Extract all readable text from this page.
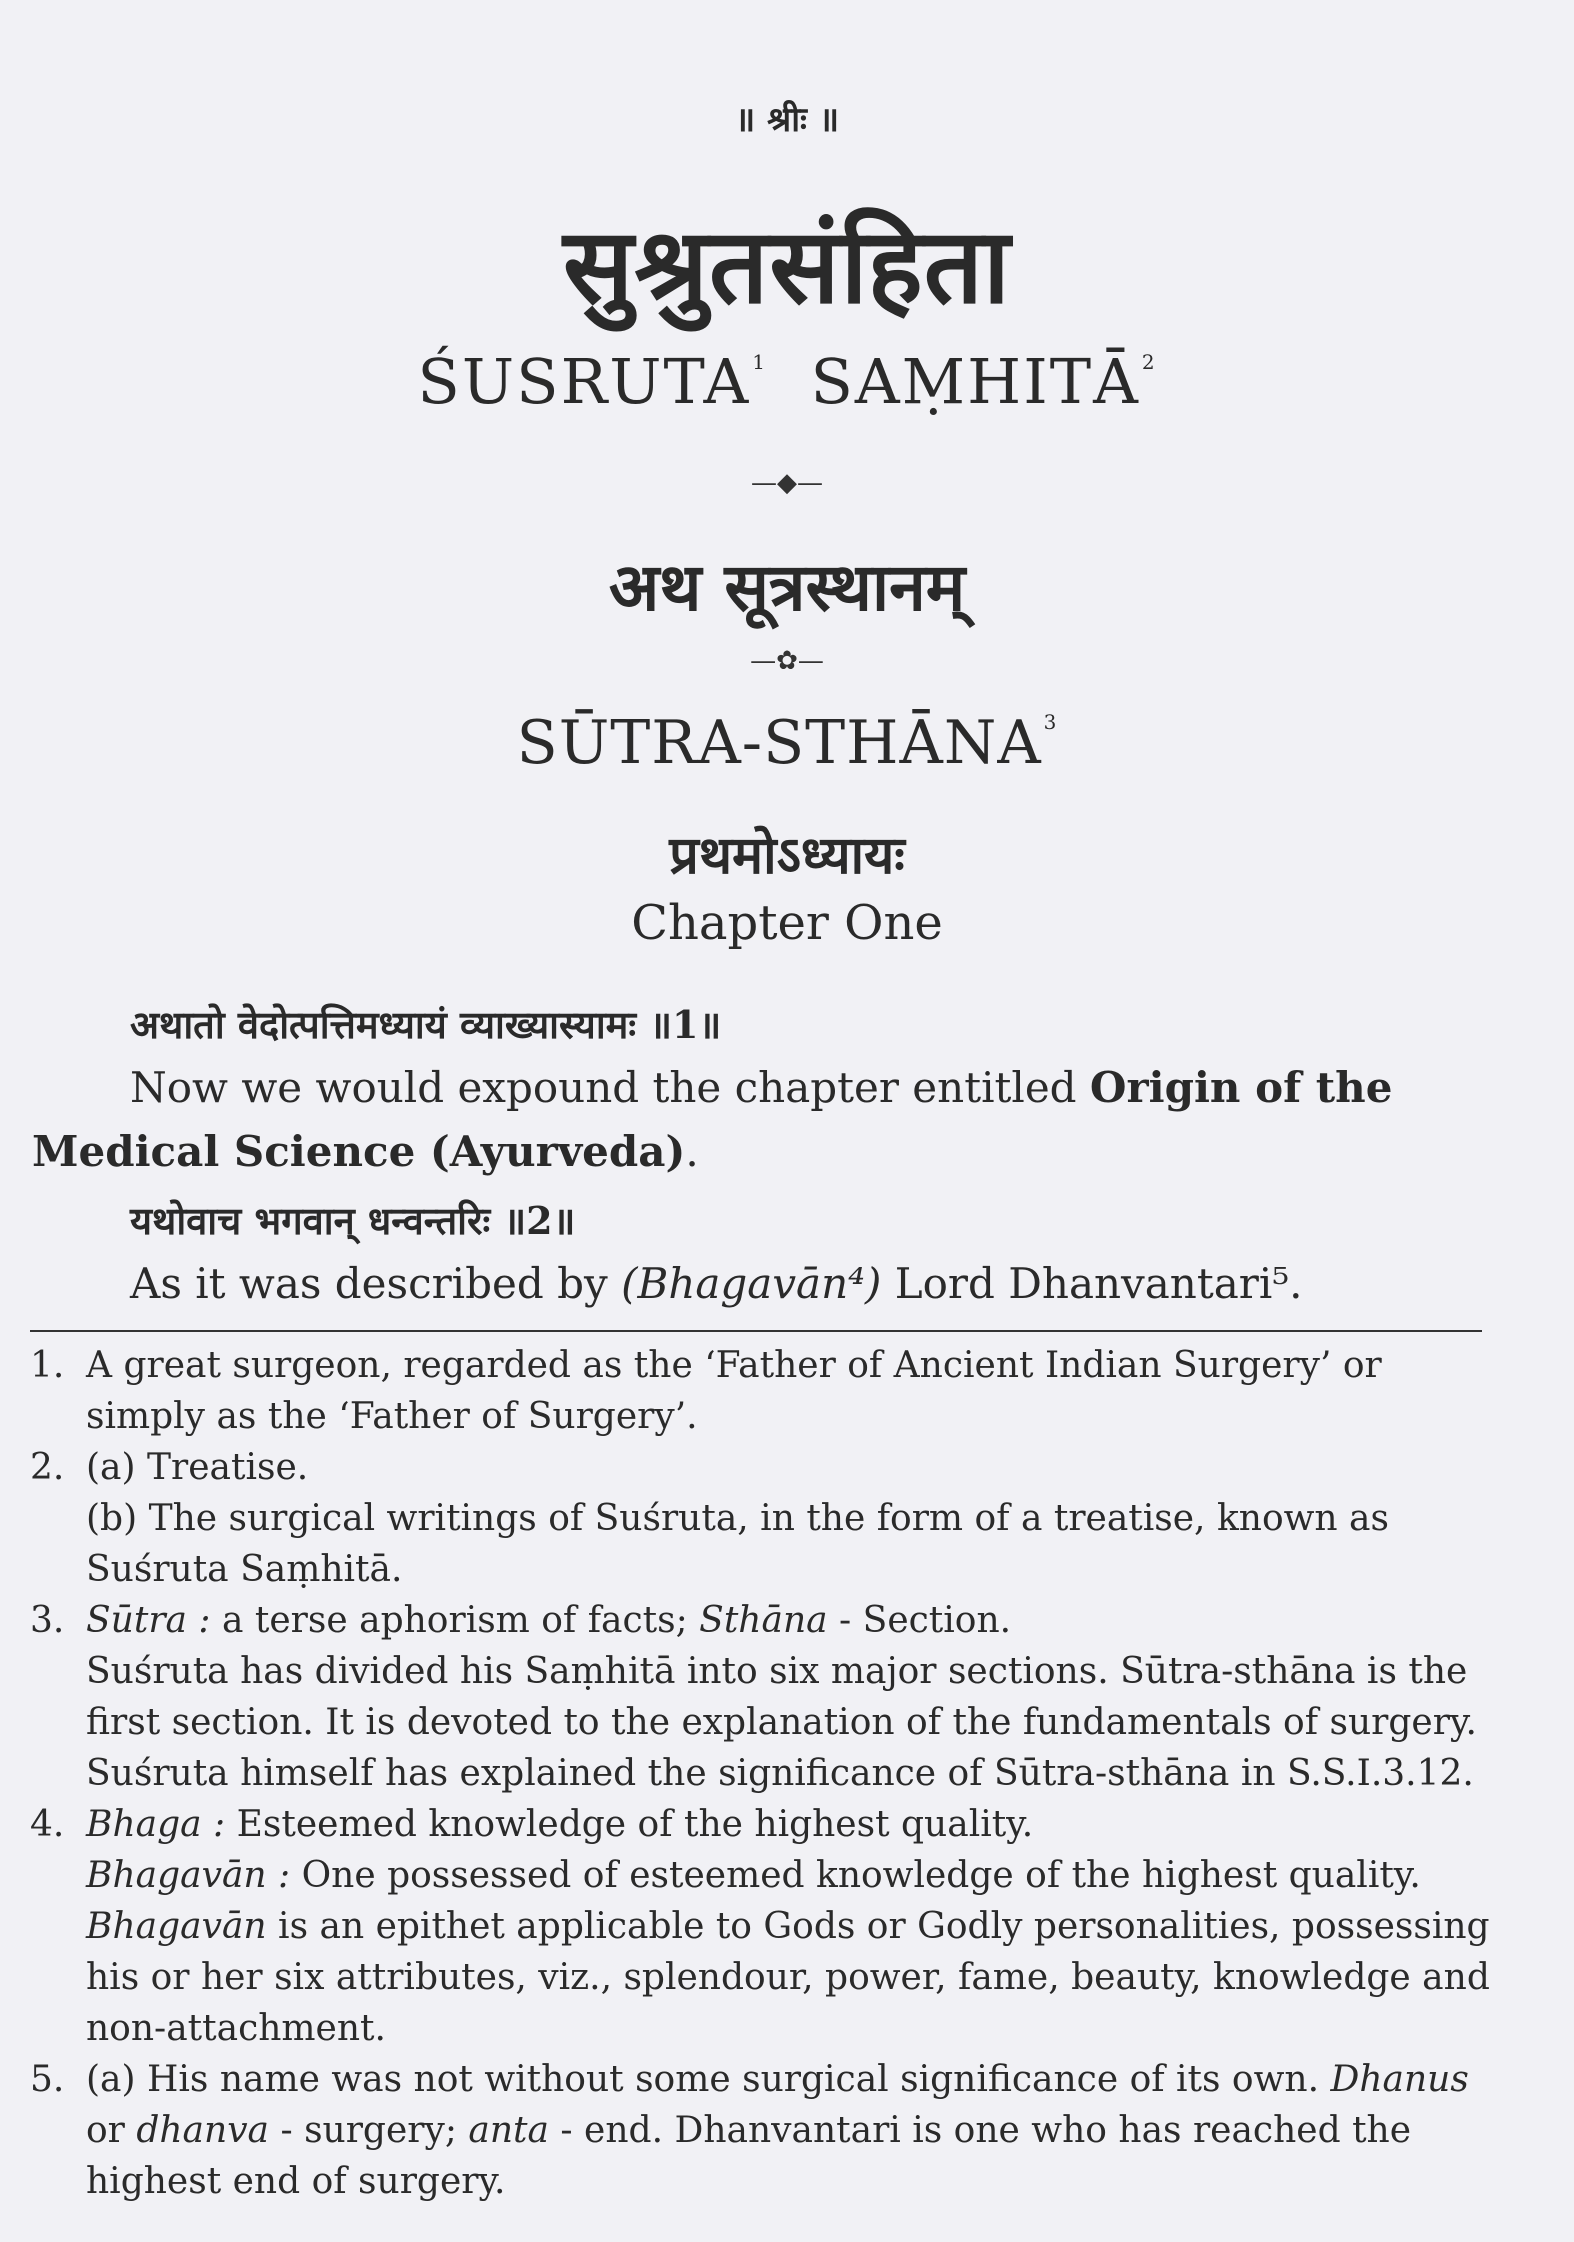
॥ श्रीः ॥
सुश्रुतसंहिता
ŚUSRUTA $^1$ SAṂHITĀ $^2$
—◆—
अथ सूत्रस्थानम्
—✿—
SŪTRA-STHĀNA $^3$
प्रथमोऽध्यायः
Chapter One
अथातो वेदोत्पत्तिमध्यायं व्याख्यास्यामः ॥1॥
Now we would expound the chapter entitled Origin of the Medical Science (Ayurveda).
यथोवाच भगवान् धन्वन्तरिः ॥2॥
As it was described by (Bhagavān⁴) Lord Dhanvantari⁵.
1. A great surgeon, regarded as the ‘Father of Ancient Indian Surgery’ or simply as the ‘Father of Surgery’.
2. (a) Treatise.
(b) The surgical writings of Suśruta, in the form of a treatise, known as Suśruta Saṃhitā.
3. Sūtra : a terse aphorism of facts; Sthāna - Section.
Suśruta has divided his Saṃhitā into six major sections. Sūtra-sthāna is the first section. It is devoted to the explanation of the fundamentals of surgery. Suśruta himself has explained the significance of Sūtra-sthāna in S.S.I.3.12.
4. Bhaga : Esteemed knowledge of the highest quality.
Bhagavān : One possessed of esteemed knowledge of the highest quality.
Bhagavān is an epithet applicable to Gods or Godly personalities, possessing his or her six attributes, viz., splendour, power, fame, beauty, knowledge and non-attachment.
5. (a) His name was not without some surgical significance of its own. Dhanus or dhanva - surgery; anta - end. Dhanvantari is one who has reached the highest end of surgery.
